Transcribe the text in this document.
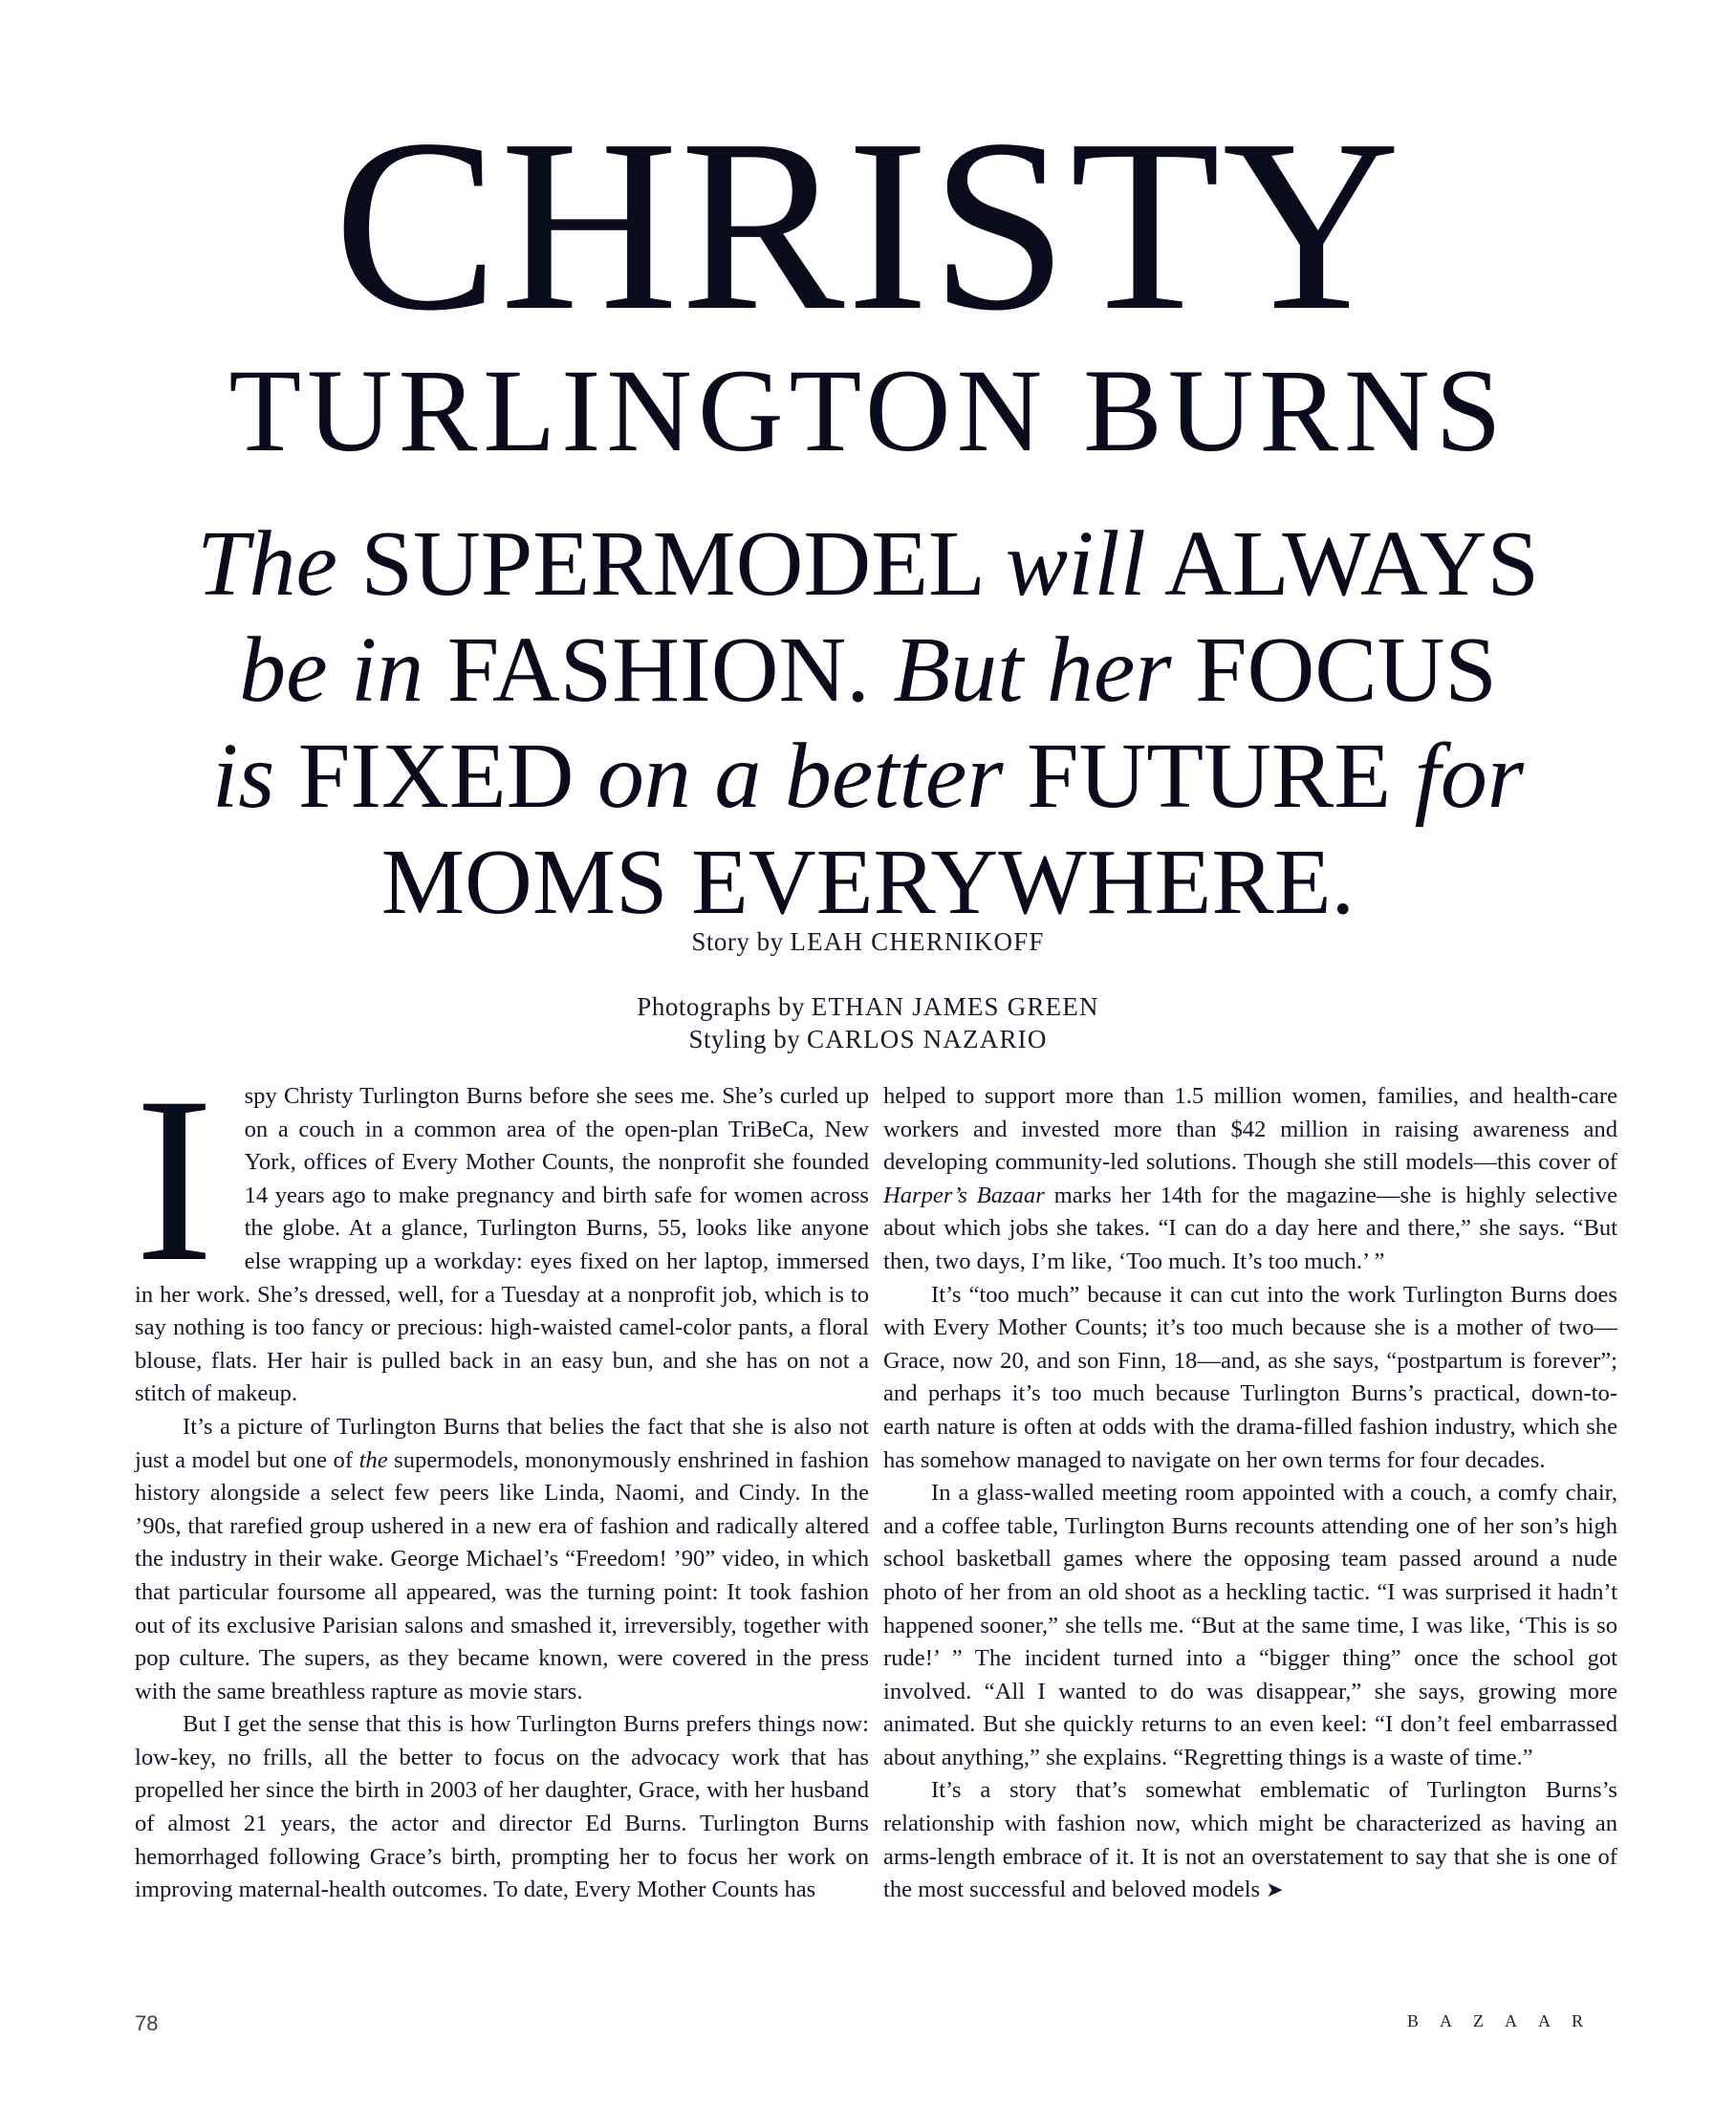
CHRISTY
TURLINGTON BURNS
The SUPERMODEL will ALWAYS
be in FASHION. But her FOCUS
is FIXED on a better FUTURE for
MOMS EVERYWHERE.
Story by LEAH CHERNIKOFF
Photographs by ETHAN JAMES GREEN
Styling by CARLOS NAZARIO

I spy Christy Turlington Burns before she sees me. She’s curled up on a couch in a common area of the open-plan TriBeCa, New York, offices of Every Mother Counts, the nonprofit she founded 14 years ago to make pregnancy and birth safe for women across the globe. At a glance, Turlington Burns, 55, looks like anyone else wrapping up a workday: eyes fixed on her laptop, immersed in her work. She’s dressed, well, for a Tuesday at a nonprofit job, which is to say nothing is too fancy or precious: high-waisted camel-color pants, a floral blouse, flats. Her hair is pulled back in an easy bun, and she has on not a stitch of makeup.

It’s a picture of Turlington Burns that belies the fact that she is also not just a model but one of the supermodels, mononymously enshrined in fashion history alongside a select few peers like Linda, Naomi, and Cindy. In the ’90s, that rarefied group ushered in a new era of fashion and radically altered the industry in their wake. George Michael’s “Freedom! ’90” video, in which that particular foursome all appeared, was the turning point: It took fashion out of its exclusive Parisian salons and smashed it, irreversibly, together with pop culture. The supers, as they became known, were covered in the press with the same breathless rapture as movie stars.

But I get the sense that this is how Turlington Burns prefers things now: low-key, no frills, all the better to focus on the advocacy work that has propelled her since the birth in 2003 of her daughter, Grace, with her husband of almost 21 years, the actor and director Ed Burns. Turlington Burns hemorrhaged following Grace’s birth, prompting her to focus her work on improving maternal-health outcomes. To date, Every Mother Counts has

helped to support more than 1.5 million women, families, and health-care workers and invested more than $42 million in raising awareness and developing community-led solutions. Though she still models—this cover of Harper’s Bazaar marks her 14th for the magazine—she is highly selective about which jobs she takes. “I can do a day here and there,” she says. “But then, two days, I’m like, ‘Too much. It’s too much.’ ”

It’s “too much” because it can cut into the work Turlington Burns does with Every Mother Counts; it’s too much because she is a mother of two—Grace, now 20, and son Finn, 18—and, as she says, “postpartum is forever”; and perhaps it’s too much because Turlington Burns’s practical, down-to-earth nature is often at odds with the drama-filled fashion industry, which she has somehow managed to navigate on her own terms for four decades.

In a glass-walled meeting room appointed with a couch, a comfy chair, and a coffee table, Turlington Burns recounts attending one of her son’s high school basketball games where the opposing team passed around a nude photo of her from an old shoot as a heckling tactic. “I was surprised it hadn’t happened sooner,” she tells me. “But at the same time, I was like, ‘This is so rude!’ ” The incident turned into a “bigger thing” once the school got involved. “All I wanted to do was disappear,” she says, growing more animated. But she quickly returns to an even keel: “I don’t feel embarrassed about anything,” she explains. “Regretting things is a waste of time.”

It’s a story that’s somewhat emblematic of Turlington Burns’s relationship with fashion now, which might be characterized as having an arms-length embrace of it. It is not an overstatement to say that she is one of the most successful and beloved models ➤

78	BAZAAR
